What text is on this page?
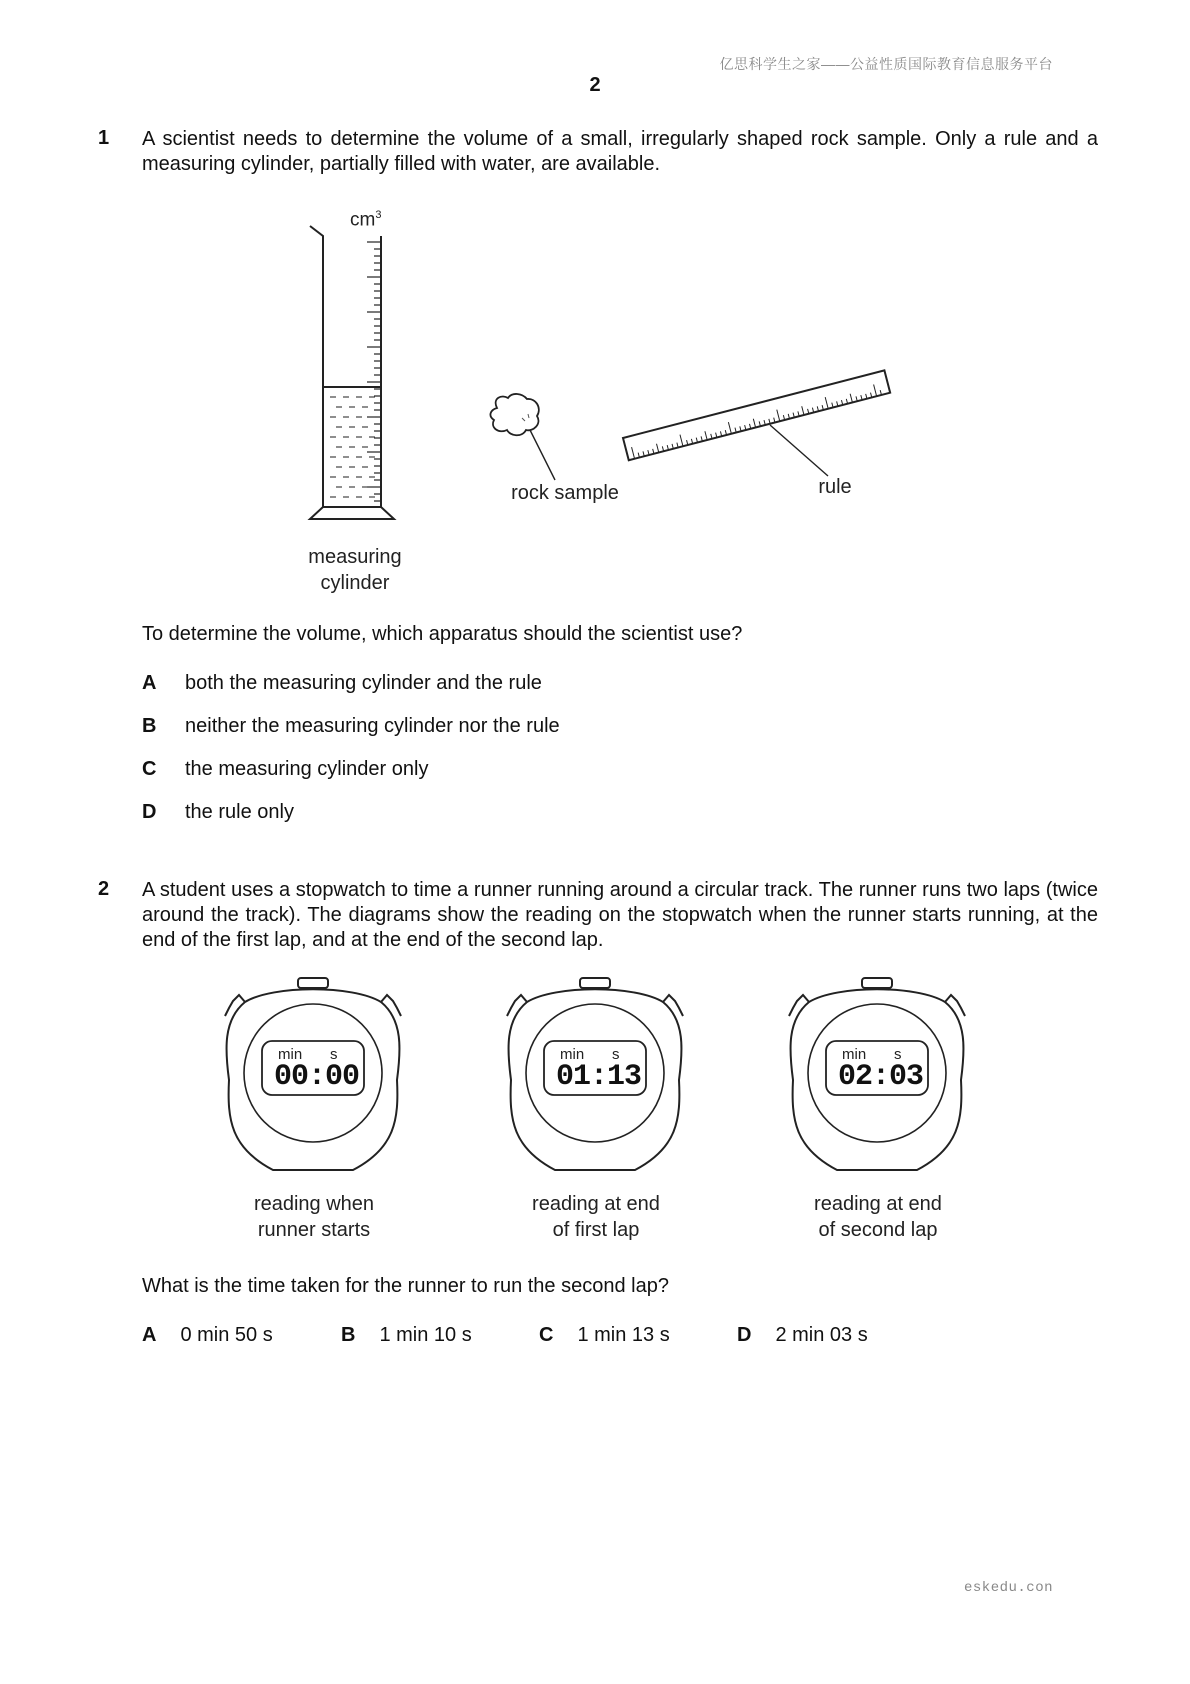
亿思科学生之家——公益性质国际教育信息服务平台
2
1 A scientist needs to determine the volume of a small, irregularly shaped rock sample. Only a rule and a measuring cylinder, partially filled with water, are available.
$cm^3$
measuring
cylinder
rock sample	rule
To determine the volume, which apparatus should the scientist use?
A both the measuring cylinder and the rule
B neither the measuring cylinder nor the rule
C the measuring cylinder only
D the rule only
2 A student uses a stopwatch to time a runner running around a circular track. The runner runs two laps (twice around the track). The diagrams show the reading on the stopwatch when the runner starts running, at the end of the first lap, and at the end of the second lap.
min s
00:00
min s
01:13
min s
02:03
reading when
runner starts
reading at end
of first lap
reading at end
of second lap
What is the time taken for the runner to run the second lap?
A 0 min 50 s	B 1 min 10 s	C 1 min 13 s	D 2 min 03 s
eskedu.con
